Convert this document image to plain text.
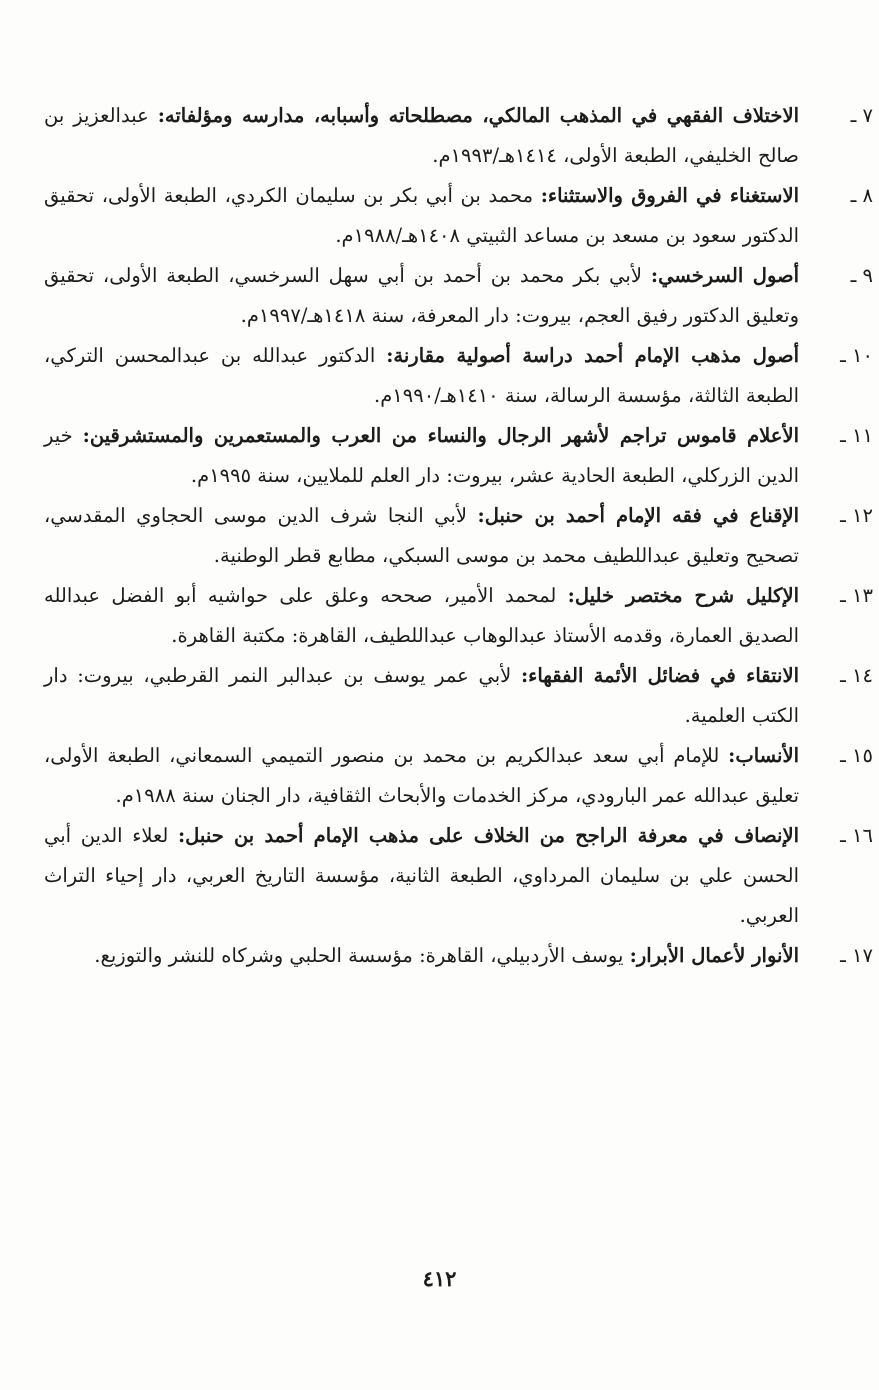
٧ ـ
الاختلاف الفقهي في المذهب المالكي، مصطلحاته وأسبابه، مدارسه ومؤلفاته: عبدالعزيز بن صالح الخليفي، الطبعة الأولى، ١٤١٤هـ/١٩٩٣م.
٨ ـ
الاستغناء في الفروق والاستثناء: محمد بن أبي بكر بن سليمان الكردي، الطبعة الأولى، تحقيق الدكتور سعود بن مسعد بن مساعد الثبيتي ١٤٠٨هـ/١٩٨٨م.
٩ ـ
أصول السرخسي: لأبي بكر محمد بن أحمد بن أبي سهل السرخسي، الطبعة الأولى، تحقيق وتعليق الدكتور رفيق العجم، بيروت: دار المعرفة، سنة ١٤١٨هـ/١٩٩٧م.
١٠ ـ
أصول مذهب الإمام أحمد دراسة أصولية مقارنة: الدكتور عبدالله بن عبدالمحسن التركي، الطبعة الثالثة، مؤسسة الرسالة، سنة ١٤١٠هـ/١٩٩٠م.
١١ ـ
الأعلام قاموس تراجم لأشهر الرجال والنساء من العرب والمستعمرين والمستشرقين: خير الدين الزركلي، الطبعة الحادية عشر، بيروت: دار العلم للملايين، سنة ١٩٩٥م.
١٢ ـ
الإقناع في فقه الإمام أحمد بن حنبل: لأبي النجا شرف الدين موسى الحجاوي المقدسي، تصحيح وتعليق عبداللطيف محمد بن موسى السبكي، مطابع قطر الوطنية.
١٣ ـ
الإكليل شرح مختصر خليل: لمحمد الأمير، صححه وعلق على حواشيه أبو الفضل عبدالله الصديق العمارة، وقدمه الأستاذ عبدالوهاب عبداللطيف، القاهرة: مكتبة القاهرة.
١٤ ـ
الانتقاء في فضائل الأئمة الفقهاء: لأبي عمر يوسف بن عبدالبر النمر القرطبي، بيروت: دار الكتب العلمية.
١٥ ـ
الأنساب: للإمام أبي سعد عبدالكريم بن محمد بن منصور التميمي السمعاني، الطبعة الأولى، تعليق عبدالله عمر البارودي، مركز الخدمات والأبحاث الثقافية، دار الجنان سنة ١٩٨٨م.
١٦ ـ
الإنصاف في معرفة الراجح من الخلاف على مذهب الإمام أحمد بن حنبل: لعلاء الدين أبي الحسن علي بن سليمان المرداوي، الطبعة الثانية، مؤسسة التاريخ العربي، دار إحياء التراث العربي.
١٧ ـ
الأنوار لأعمال الأبرار: يوسف الأردبيلي، القاهرة: مؤسسة الحلبي وشركاه للنشر والتوزيع.
٤١٢
